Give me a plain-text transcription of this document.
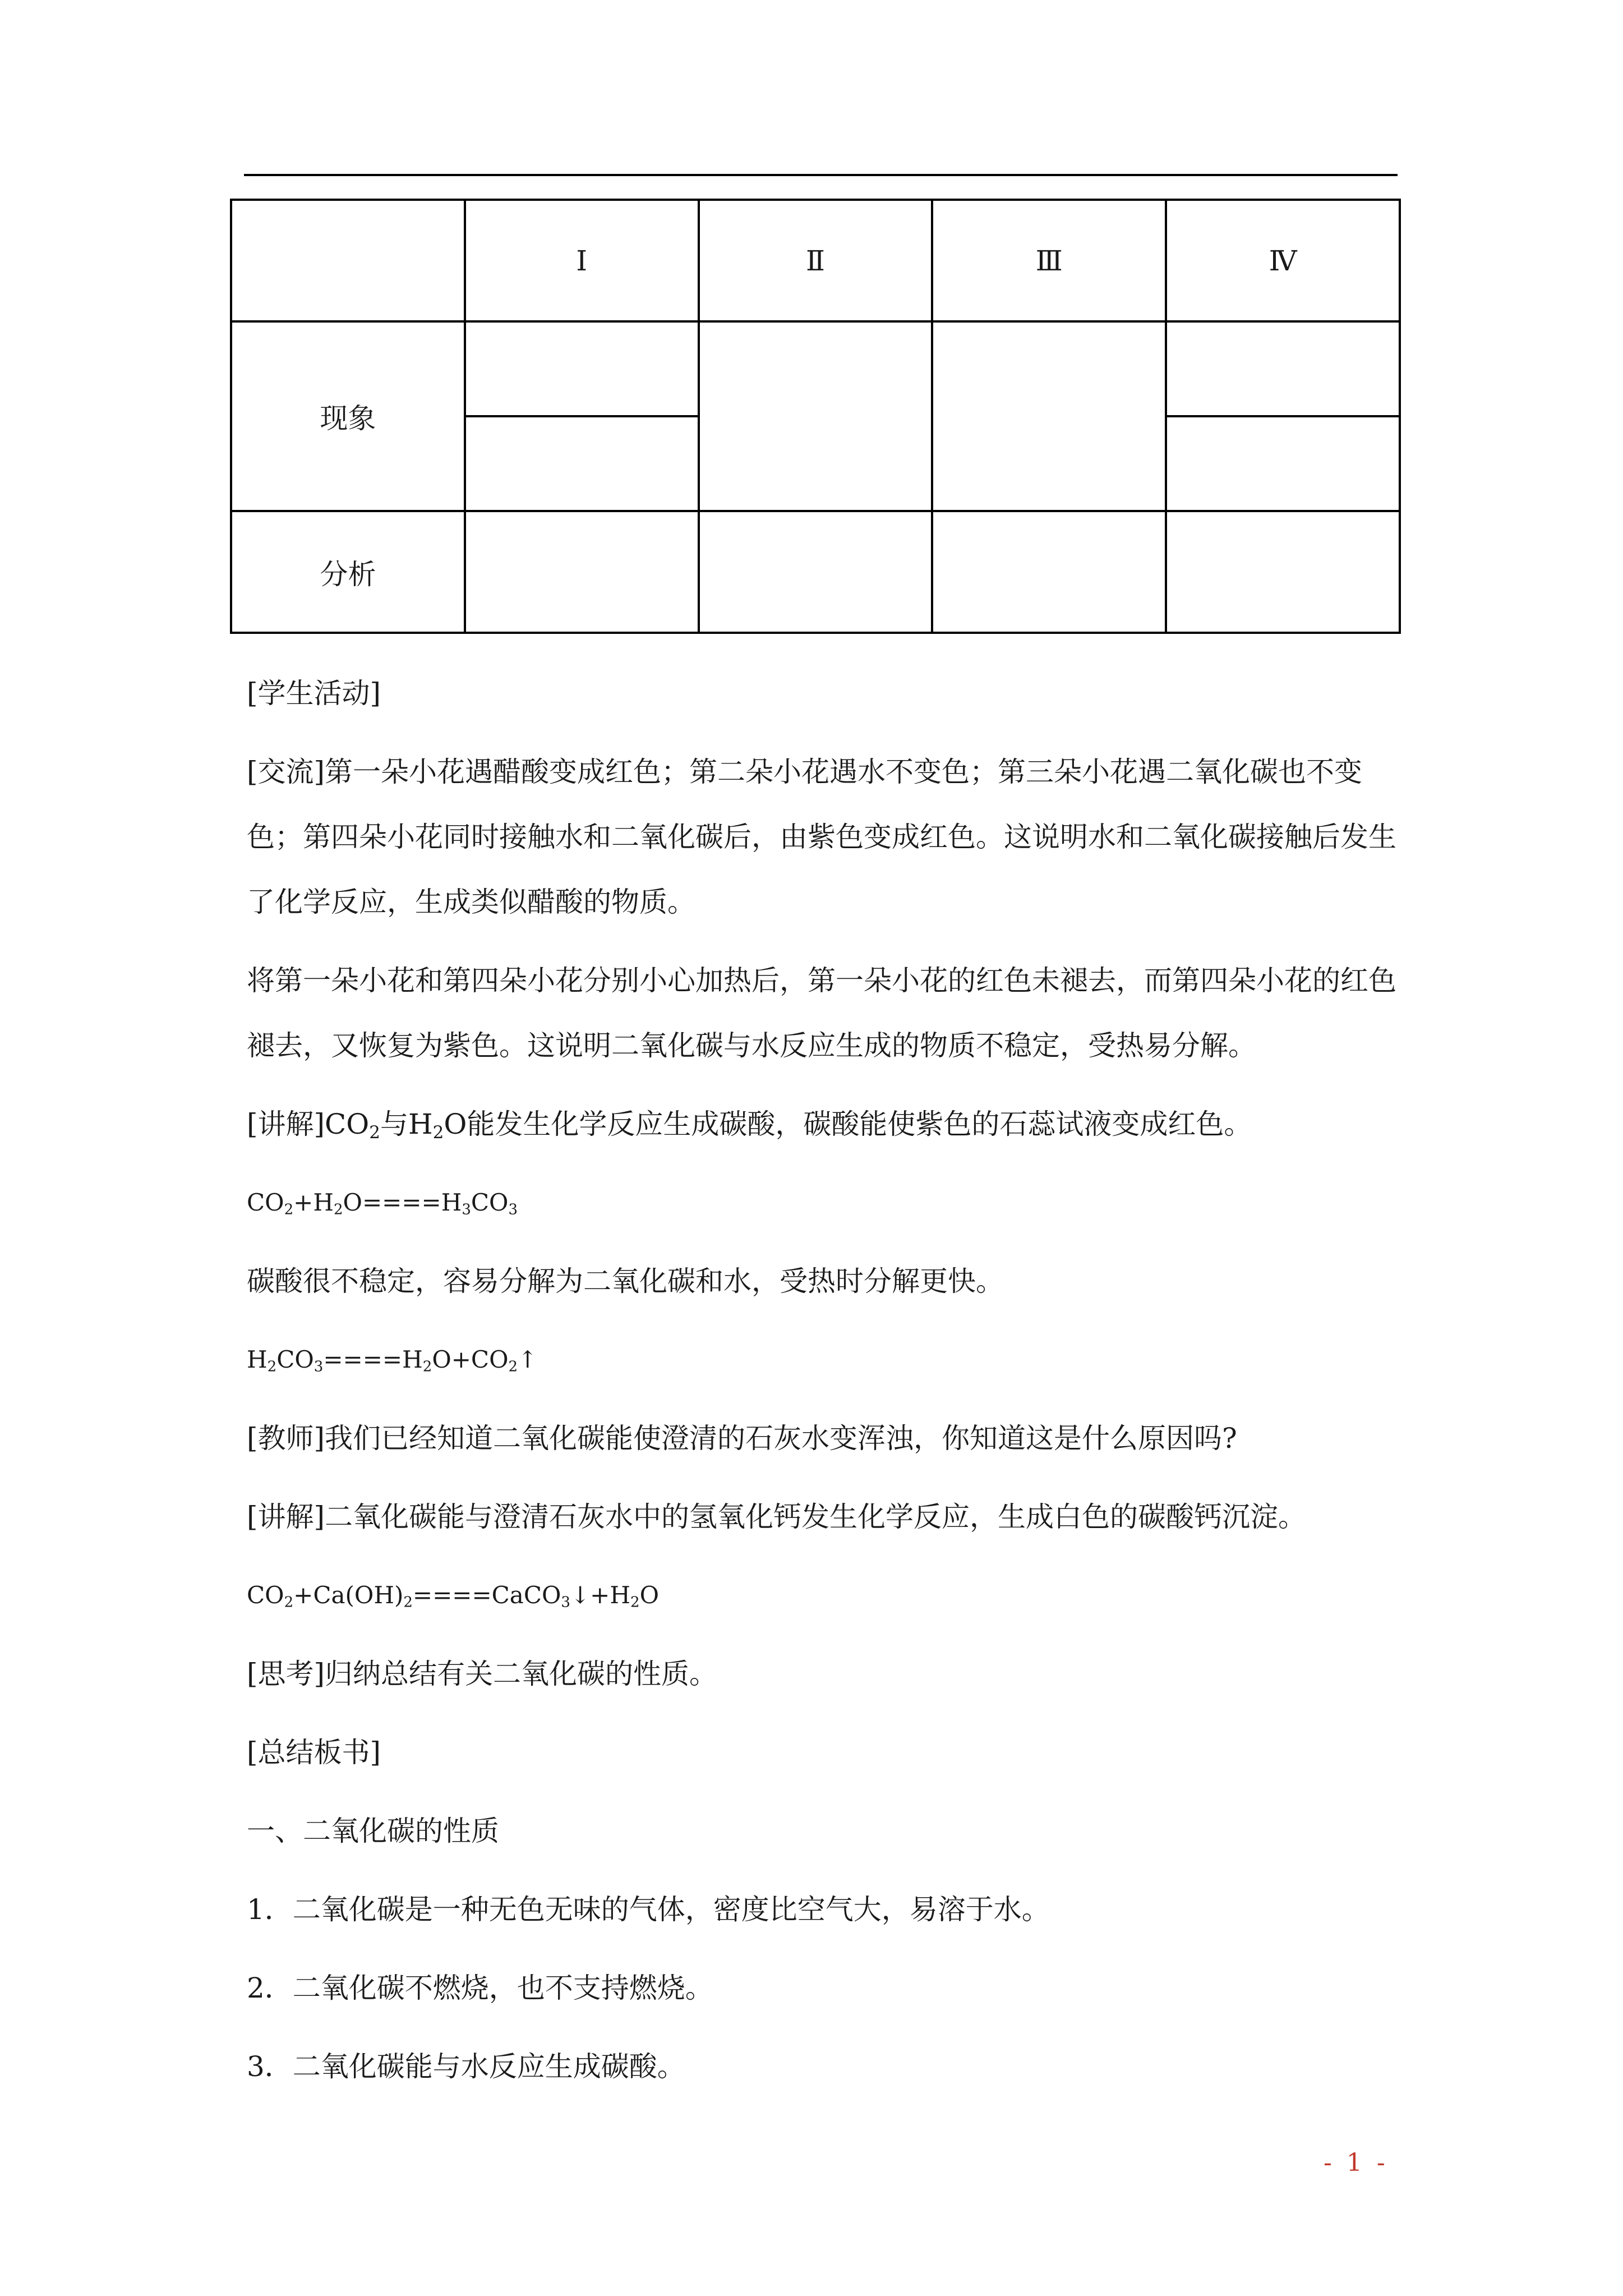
	Ⅰ	Ⅱ	Ⅲ	Ⅳ
现象				

分析				

[学生活动]

[交流]第一朵小花遇醋酸变成红色；第二朵小花遇水不变色；第三朵小花遇二氧化碳也不变色；第四朵小花同时接触水和二氧化碳后，由紫色变成红色。这说明水和二氧化碳接触后发生了化学反应，生成类似醋酸的物质。

将第一朵小花和第四朵小花分别小心加热后，第一朵小花的红色未褪去，而第四朵小花的红色褪去，又恢复为紫色。这说明二氧化碳与水反应生成的物质不稳定，受热易分解。

[讲解]$CO_2$与$H_2O$能发生化学反应生成碳酸，碳酸能使紫色的石蕊试液变成红色。

$CO_2+H_2O====H_3CO_3$

碳酸很不稳定，容易分解为二氧化碳和水，受热时分解更快。

$H_2CO_3====H_2O+CO_2↑$

[教师]我们已经知道二氧化碳能使澄清的石灰水变浑浊，你知道这是什么原因吗?

[讲解]二氧化碳能与澄清石灰水中的氢氧化钙发生化学反应，生成白色的碳酸钙沉淀。

$CO_2+Ca(OH)_2====CaCO_3↓+H_2O$

[思考]归纳总结有关二氧化碳的性质。

[总结板书]

一、二氧化碳的性质

1．二氧化碳是一种无色无味的气体，密度比空气大，易溶于水。

2．二氧化碳不燃烧，也不支持燃烧。

3．二氧化碳能与水反应生成碳酸。

- 1 -
